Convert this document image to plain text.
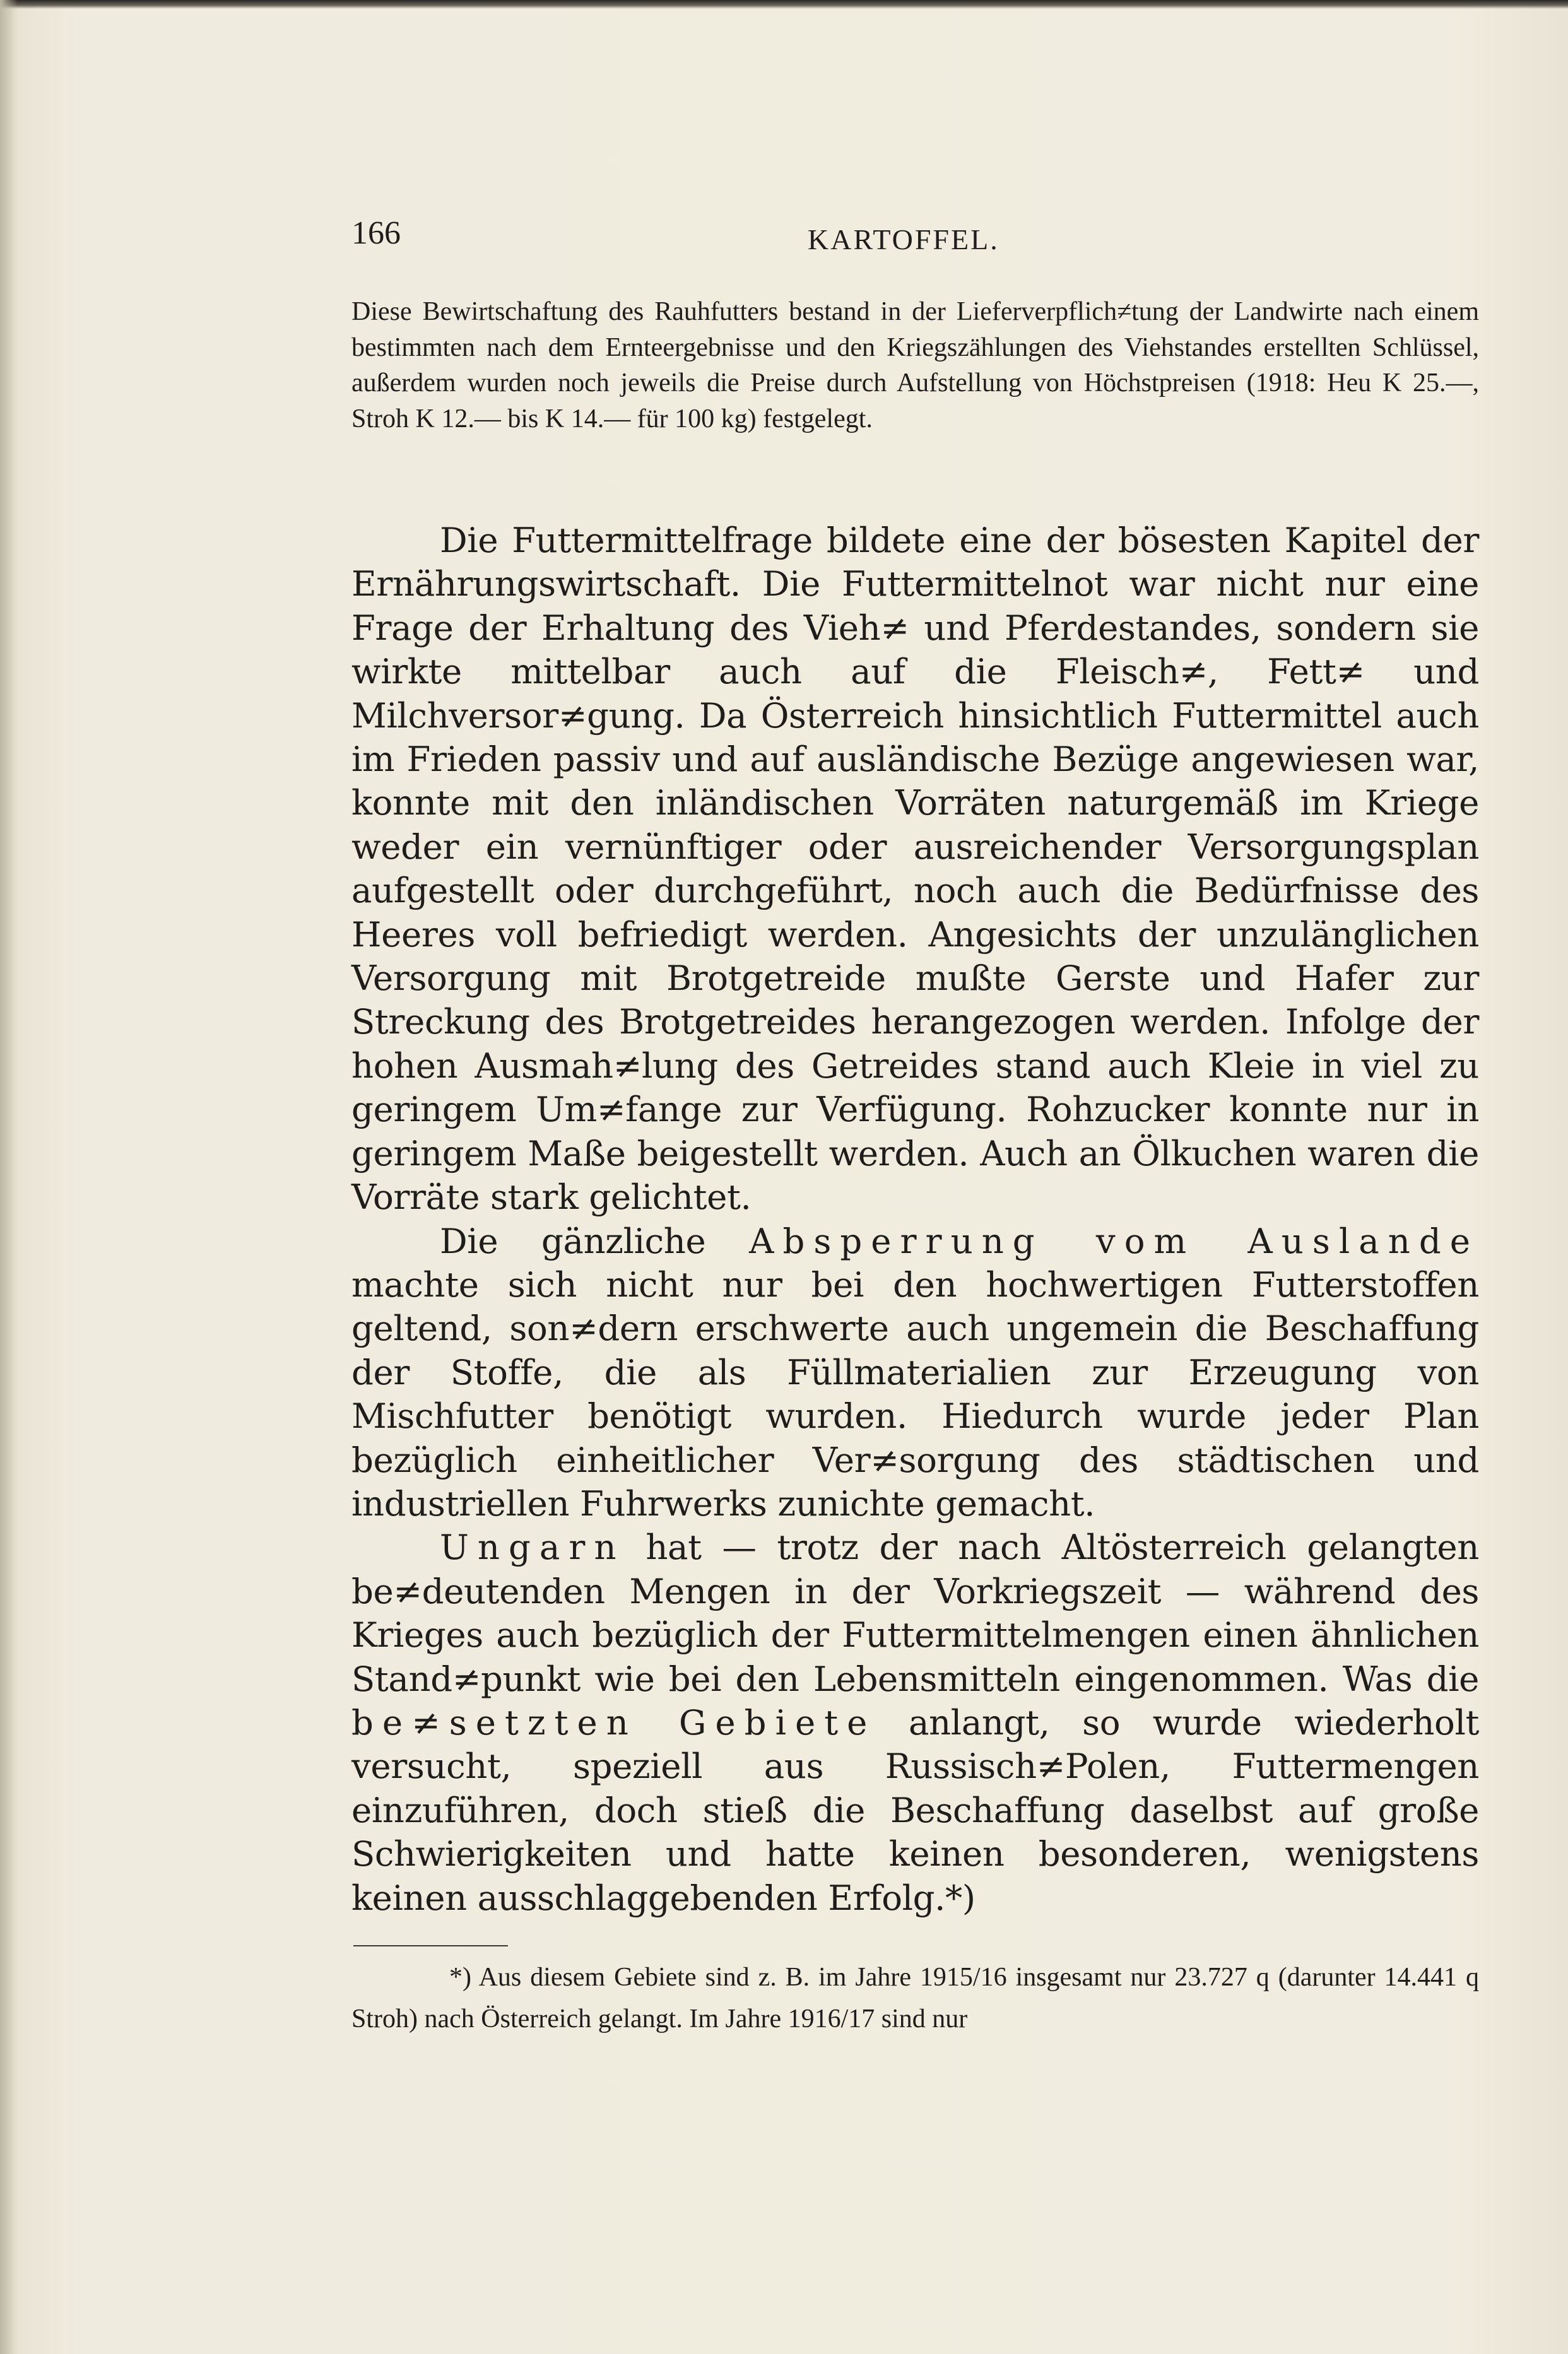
166	KARTOFFEL.
Diese Bewirtschaftung des Rauhfutters bestand in der Lieferverpflich≠tung der Landwirte nach einem bestimmten nach dem Ernteergebnisse und den Kriegszählungen des Viehstandes erstellten Schlüssel, außerdem wurden noch jeweils die Preise durch Aufstellung von Höchstpreisen (1918: Heu K 25.—, Stroh K 12.— bis K 14.— für 100 kg) festgelegt.

Die Futtermittelfrage bildete eine der bösesten Kapitel der Ernährungswirtschaft. Die Futtermittelnot war nicht nur eine Frage der Erhaltung des Vieh≠ und Pferdestandes, sondern sie wirkte mittelbar auch auf die Fleisch≠, Fett≠ und Milchversor≠gung. Da Österreich hinsichtlich Futtermittel auch im Frieden passiv und auf ausländische Bezüge angewiesen war, konnte mit den inländischen Vorräten naturgemäß im Kriege weder ein vernünftiger oder ausreichender Versorgungsplan aufgestellt oder durchgeführt, noch auch die Bedürfnisse des Heeres voll befriedigt werden. Angesichts der unzulänglichen Versorgung mit Brotgetreide mußte Gerste und Hafer zur Streckung des Brotgetreides herangezogen werden. Infolge der hohen Ausmah≠lung des Getreides stand auch Kleie in viel zu geringem Um≠fange zur Verfügung. Rohzucker konnte nur in geringem Maße beigestellt werden. Auch an Ölkuchen waren die Vorräte stark gelichtet.

Die gänzliche Absperrung vom Auslande machte sich nicht nur bei den hochwertigen Futterstoffen geltend, son≠dern erschwerte auch ungemein die Beschaffung der Stoffe, die als Füllmaterialien zur Erzeugung von Mischfutter benötigt wurden. Hiedurch wurde jeder Plan bezüglich einheitlicher Ver≠sorgung des städtischen und industriellen Fuhrwerks zunichte gemacht.

Ungarn hat — trotz der nach Altösterreich gelangten be≠deutenden Mengen in der Vorkriegszeit — während des Krieges auch bezüglich der Futtermittelmengen einen ähnlichen Stand≠punkt wie bei den Lebensmitteln eingenommen. Was die be≠setzten Gebiete anlangt, so wurde wiederholt versucht, speziell aus Russisch≠Polen, Futtermengen einzuführen, doch stieß die Beschaffung daselbst auf große Schwierigkeiten und hatte keinen besonderen, wenigstens keinen ausschlaggebenden Erfolg.*)

*) Aus diesem Gebiete sind z. B. im Jahre 1915/16 insgesamt nur 23.727 q (darunter 14.441 q Stroh) nach Österreich gelangt. Im Jahre 1916/17 sind nur
